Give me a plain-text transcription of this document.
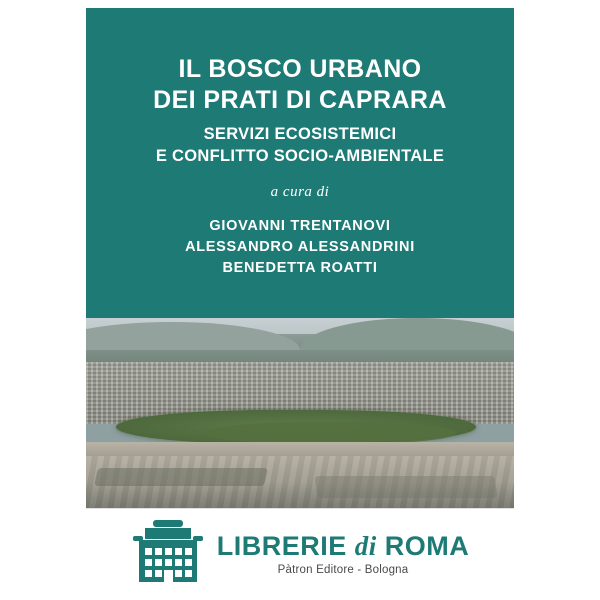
IL BOSCO URBANO
DEI PRATI DI CAPRARA
SERVIZI ECOSISTEMICI
E CONFLITTO SOCIO-AMBIENTALE
a cura di
GIOVANNI TRENTANOVI
ALESSANDRO ALESSANDRINI
BENEDETTA ROATTI
LIBRERIE di ROMA
Pàtron Editore - Bologna
